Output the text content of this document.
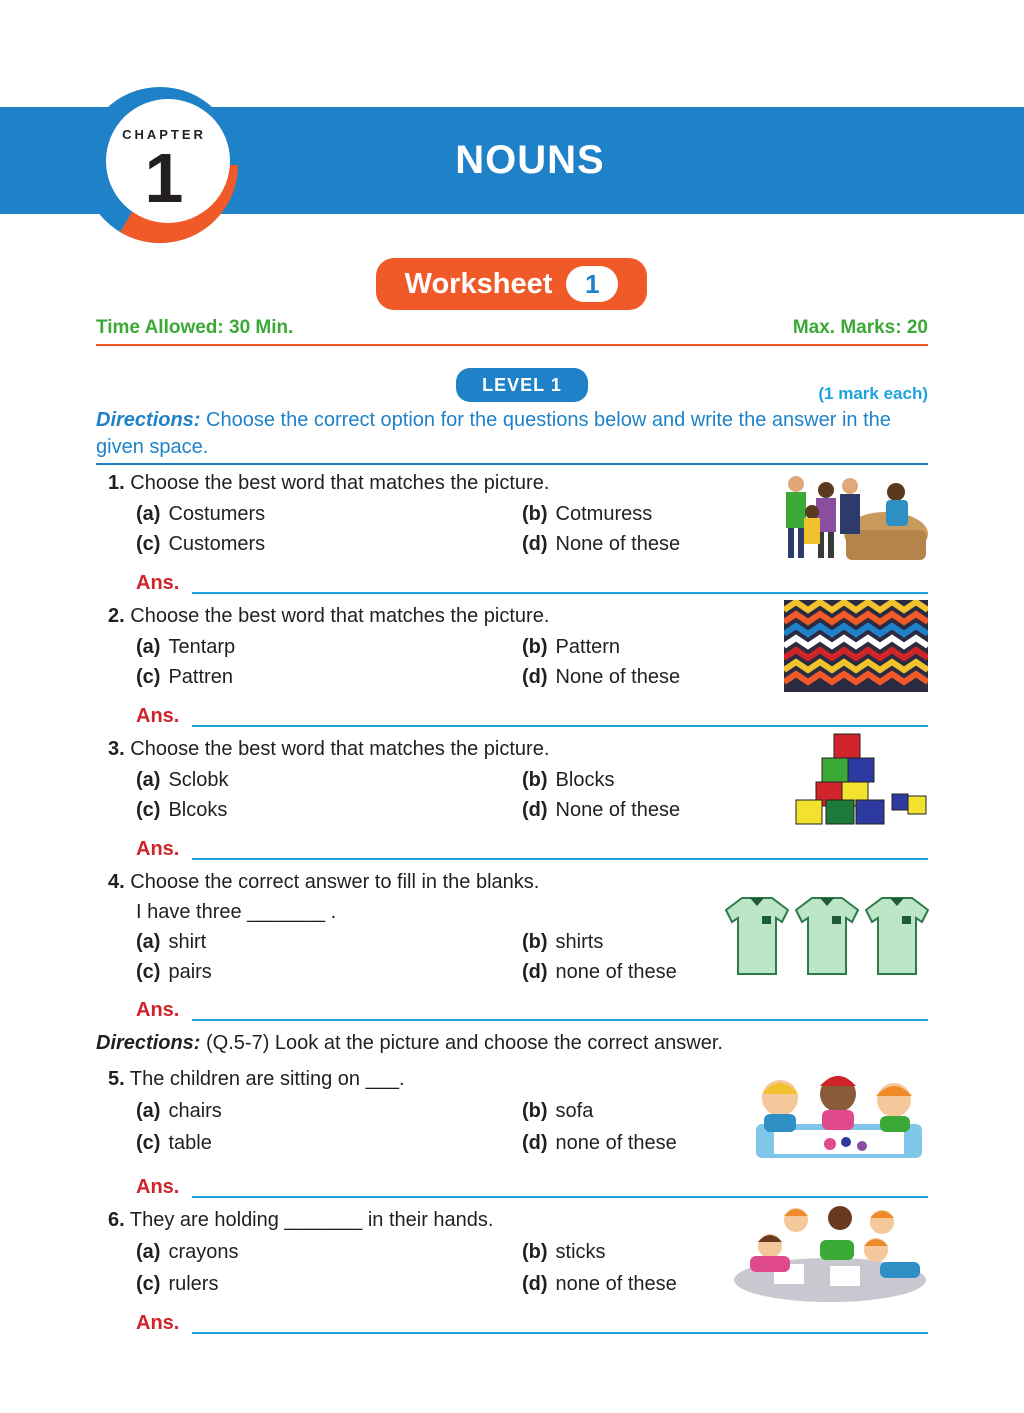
NOUNS
CHAPTER
1
Worksheet	1
Time Allowed: 30 Min.	Max. Marks: 20
LEVEL 1	(1 mark each)
Directions: Choose the correct option for the questions below and write the answer in the given space.
1. Choose the best word that matches the picture.
(a) Costumers	(b) Cotmuress
(c) Customers	(d) None of these
Ans.
2. Choose the best word that matches the picture.
(a) Tentarp	(b) Pattern
(c) Pattren	(d) None of these
Ans.
3. Choose the best word that matches the picture.
(a) Sclobk	(b) Blocks
(c) Blcoks	(d) None of these
Ans.
4. Choose the correct answer to fill in the blanks.
I have three _______ .
(a) shirt	(b) shirts
(c) pairs	(d) none of these
Ans.
Directions: (Q.5-7) Look at the picture and choose the correct answer.
5. The children are sitting on ___.
(a) chairs	(b) sofa
(c) table	(d) none of these
Ans.
6. They are holding _______ in their hands.
(a) crayons	(b) sticks
(c) rulers	(d) none of these
Ans.
